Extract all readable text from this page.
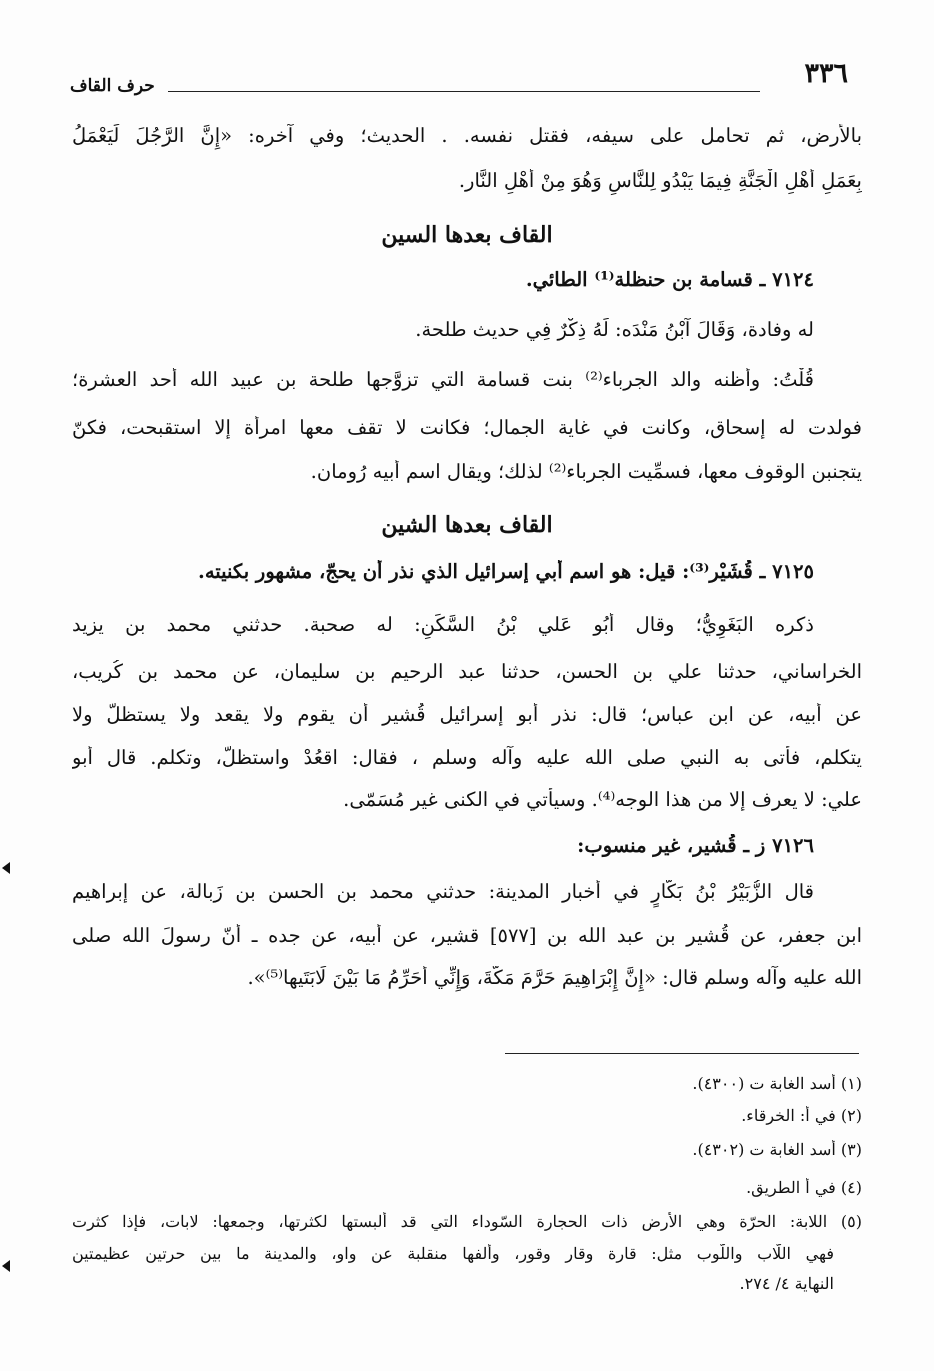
٣٣٦
حرف القاف
بالأرض، ثم تحامل على سيفه، فقتل نفسه. . الحديث؛ وفي آخره: «إِنَّ الرَّجُلَ لَيَعْمَلُ
بِعَمَلِ أَهْلِ الْجَنَّةِ فِيمَا يَبْدُو لِلنَّاسِ وَهُوَ مِنْ أَهْلِ النَّار.
القاف بعدها السين
٧١٢٤ ـ قسامة بن حنظلة⁽¹⁾ الطائي.
له وفادة، وَقَالَ آبْنُ مَنْدَه: لَهُ ذِكْرٌ فِي حديث طلحة.
قُلْتُ: وأظنه والد الجرباء⁽²⁾ بنت قسامة التي تزوَّجها طلحة بن عبيد الله أحد العشرة؛
فولدت له إسحاق، وكانت في غاية الجمال؛ فكانت لا تقف معها امرأة إلا استقبحت، فكنّ
يتجنبن الوقوف معها، فسمِّيت الجرباء⁽²⁾ لذلك؛ ويقال اسم أبيه رُومان.
القاف بعدها الشين
٧١٢٥ ـ قُشَيْر⁽³⁾: قيل: هو اسم أبي إسرائيل الذي نذر أن يحجّ، مشهور بكنيته.
ذكره البَغَوِيُّ؛ وقال أَبُو عَلي بْنُ السَّكَنِ: له صحبة. حدثني محمد بن يزيد
الخراساني، حدثنا علي بن الحسن، حدثنا عبد الرحيم بن سليمان، عن محمد بن كُريب،
عن أبيه، عن ابن عباس؛ قال: نذر أبو إسرائيل قُشير أن يقوم ولا يقعد ولا يستظلّ ولا
يتكلم، فأتى به النبي صلى الله عليه وآله وسلم ، فقال: اقعُدْ واستظلّ، وتكلم. قال أبو
علي: لا يعرف إلا من هذا الوجه⁽⁴⁾. وسيأتي في الكنى غير مُسَمّى.
٧١٢٦ ز ـ قُشير، غير منسوب:
قال الزُّبَيْرُ بْنُ بَكَّارٍ في أخبار المدينة: حدثني محمد بن الحسن بن زَبالة، عن إبراهيم
ابن جعفر، عن قُشير بن عبد الله بن [٥٧٧] قشير، عن أبيه، عن جده ـ أنّ رسولَ الله صلى
الله عليه وآله وسلم قال: «إِنَّ إِبْرَاهِيمَ حَرَّمَ مَكَّةَ، وَإِنِّي أُحَرِّمُ مَا بَيْنَ لَابَتَيها⁽⁵⁾».
(١) أسد الغابة ت (٤٣٠٠).
(٢) في أ: الخرقاء.
(٣) أسد الغابة ت (٤٣٠٢).
(٤) في أ الطريق.
(٥) اللابة: الحرّة وهي الأرض ذات الحجارة السّوداء التي قد ألبستها لكثرتها، وجمعها: لابات، فإذا كثرت
فهي اللّاب واللّوب مثل: قارة وقارٍ وقور، وألفها منقلبة عن واو، والمدينة ما بين حرتين عظيمتين
النهاية ٤/ ٢٧٤.
